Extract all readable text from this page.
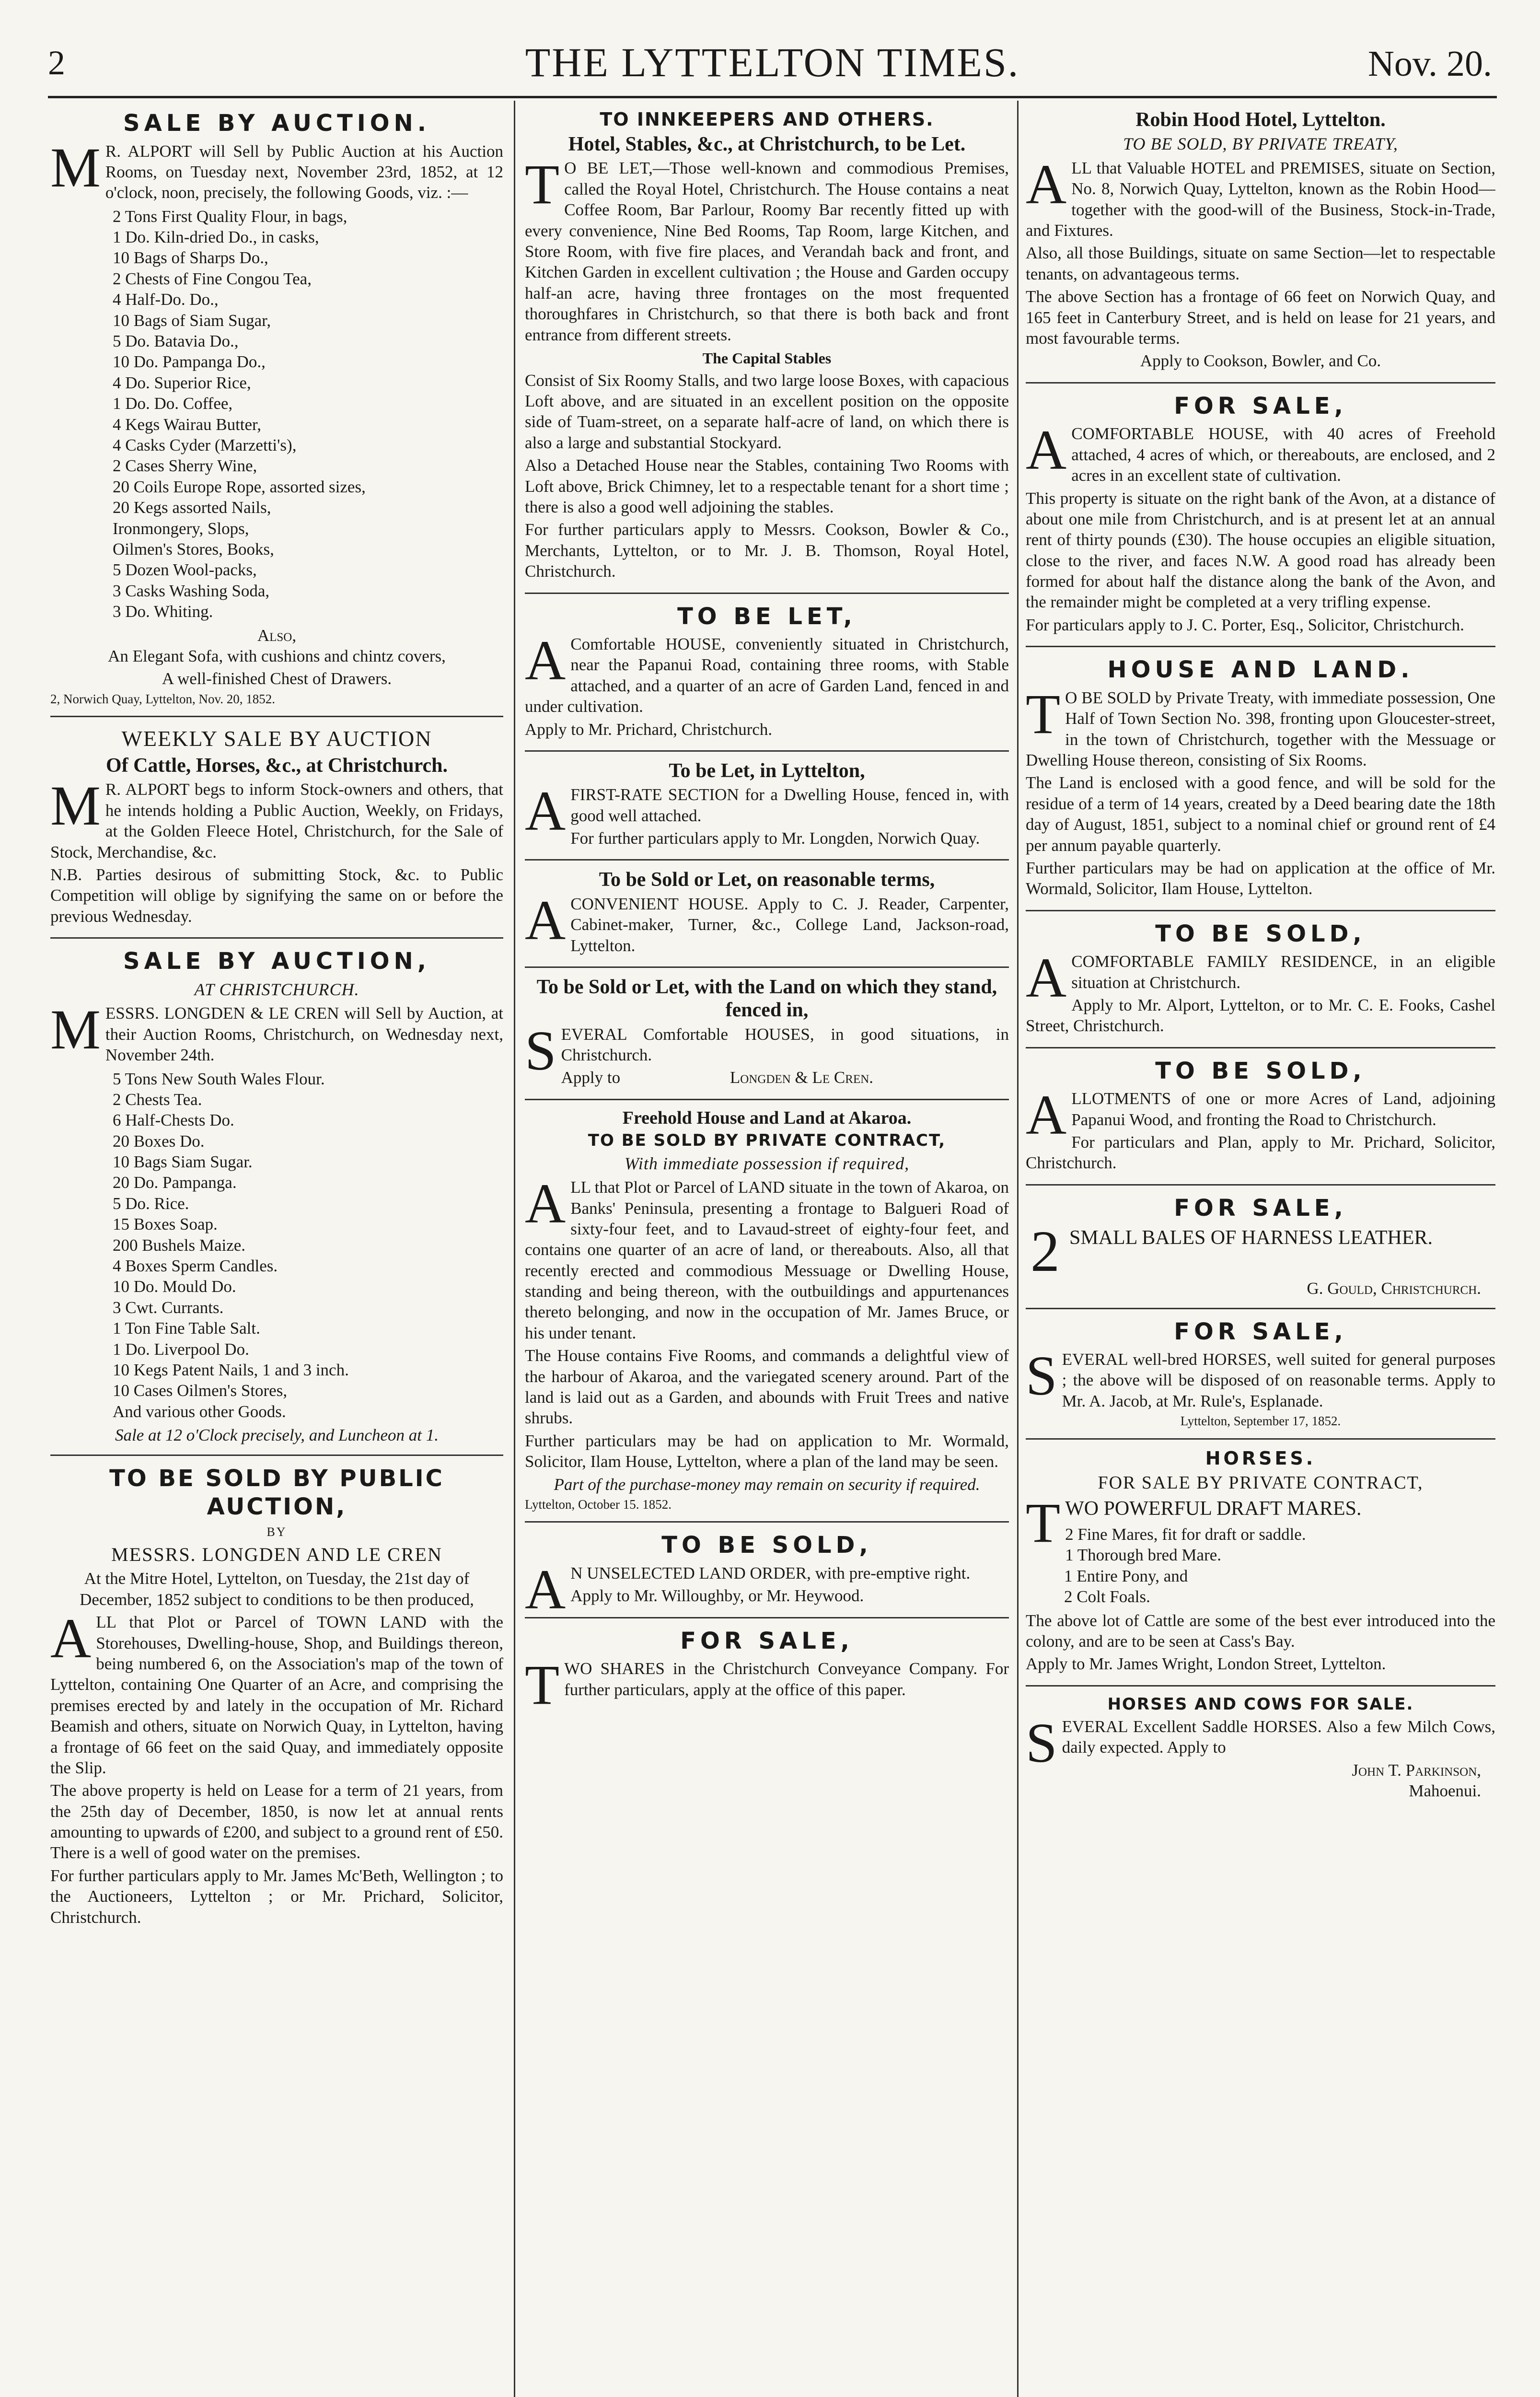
2	THE LYTTELTON TIMES.	Nov. 20.
SALE BY AUCTION.

MR. ALPORT will Sell by Public Auction at his Auction Rooms, on Tuesday next, November 23rd, 1852, at 12 o'clock, noon, precisely, the following Goods, viz. :—

2 Tons First Quality Flour, in bags,
1 Do. Kiln-dried Do., in casks,
10 Bags of Sharps Do.,
2 Chests of Fine Congou Tea,
4 Half-Do. Do.,
10 Bags of Siam Sugar,
5 Do. Batavia Do.,
10 Do. Pampanga Do.,
4 Do. Superior Rice,
1 Do. Do. Coffee,
4 Kegs Wairau Butter,
4 Casks Cyder (Marzetti's),
2 Cases Sherry Wine,
20 Coils Europe Rope, assorted sizes,
20 Kegs assorted Nails,
Ironmongery, Slops,
Oilmen's Stores, Books,
5 Dozen Wool-packs,
3 Casks Washing Soda,
3 Do. Whiting.
Also,

An Elegant Sofa, with cushions and chintz covers,

A well-finished Chest of Drawers.

2, Norwich Quay, Lyttelton, Nov. 20, 1852.
WEEKLY SALE BY AUCTION
Of Cattle, Horses, &c., at Christchurch.

MR. ALPORT begs to inform Stock-owners and others, that he intends holding a Public Auction, Weekly, on Fridays, at the Golden Fleece Hotel, Christchurch, for the Sale of Stock, Merchandise, &c.

N.B. Parties desirous of submitting Stock, &c. to Public Competition will oblige by signifying the same on or before the previous Wednesday.

SALE BY AUCTION,
AT CHRISTCHURCH.

MESSRS. LONGDEN & LE CREN will Sell by Auction, at their Auction Rooms, Christchurch, on Wednesday next, November 24th.

5 Tons New South Wales Flour.
2 Chests Tea.
6 Half-Chests Do.
20 Boxes Do.
10 Bags Siam Sugar.
20 Do. Pampanga.
5 Do. Rice.
15 Boxes Soap.
200 Bushels Maize.
4 Boxes Sperm Candles.
10 Do. Mould Do.
3 Cwt. Currants.
1 Ton Fine Table Salt.
1 Do. Liverpool Do.
10 Kegs Patent Nails, 1 and 3 inch.
10 Cases Oilmen's Stores,
And various other Goods.
Sale at 12 o'Clock precisely, and Luncheon at 1.
TO BE SOLD BY PUBLIC AUCTION,
BY
MESSRS. LONGDEN AND LE CREN

At the Mitre Hotel, Lyttelton, on Tuesday, the 21st day of December, 1852 subject to conditions to be then produced,

ALL that Plot or Parcel of TOWN LAND with the Storehouses, Dwelling-house, Shop, and Buildings thereon, being numbered 6, on the Association's map of the town of Lyttelton, containing One Quarter of an Acre, and comprising the premises erected by and lately in the occupation of Mr. Richard Beamish and others, situate on Norwich Quay, in Lyttelton, having a frontage of 66 feet on the said Quay, and immediately opposite the Slip.

The above property is held on Lease for a term of 21 years, from the 25th day of December, 1850, is now let at annual rents amounting to upwards of £200, and subject to a ground rent of £50. There is a well of good water on the premises.

For further particulars apply to Mr. James Mc'Beth, Wellington ; to the Auctioneers, Lyttelton ; or Mr. Prichard, Solicitor, Christchurch.

TO INNKEEPERS AND OTHERS.
Hotel, Stables, &c., at Christchurch, to be Let.

TO BE LET,—Those well-known and commodious Premises, called the Royal Hotel, Christchurch. The House contains a neat Coffee Room, Bar Parlour, Roomy Bar recently fitted up with every convenience, Nine Bed Rooms, Tap Room, large Kitchen, and Store Room, with five fire places, and Verandah back and front, and Kitchen Garden in excellent cultivation ; the House and Garden occupy half-an acre, having three frontages on the most frequented thoroughfares in Christchurch, so that there is both back and front entrance from different streets.

The Capital Stables

Consist of Six Roomy Stalls, and two large loose Boxes, with capacious Loft above, and are situated in an excellent position on the opposite side of Tuam-street, on a separate half-acre of land, on which there is also a large and substantial Stockyard.

Also a Detached House near the Stables, containing Two Rooms with Loft above, Brick Chimney, let to a respectable tenant for a short time ; there is also a good well adjoining the stables.

For further particulars apply to Messrs. Cookson, Bowler & Co., Merchants, Lyttelton, or to Mr. J. B. Thomson, Royal Hotel, Christchurch.

TO BE LET,

AComfortable HOUSE, conveniently situated in Christchurch, near the Papanui Road, containing three rooms, with Stable attached, and a quarter of an acre of Garden Land, fenced in and under cultivation.

Apply to Mr. Prichard, Christchurch.

To be Let, in Lyttelton,

AFIRST-RATE SECTION for a Dwelling House, fenced in, with good well attached.

For further particulars apply to Mr. Longden, Norwich Quay.

To be Sold or Let, on reasonable terms,

ACONVENIENT HOUSE. Apply to C. J. Reader, Carpenter, Cabinet-maker, Turner, &c., College Land, Jackson-road, Lyttelton.

To be Sold or Let, with the Land on which they stand, fenced in,

SEVERAL Comfortable HOUSES, in good situations, in Christchurch.

Apply to	Longden & Le Cren.

Freehold House and Land at Akaroa.
TO BE SOLD BY PRIVATE CONTRACT,
With immediate possession if required,

ALL that Plot or Parcel of LAND situate in the town of Akaroa, on Banks' Peninsula, presenting a frontage to Balgueri Road of sixty-four feet, and to Lavaud-street of eighty-four feet, and contains one quarter of an acre of land, or thereabouts. Also, all that recently erected and commodious Messuage or Dwelling House, standing and being thereon, with the outbuildings and appurtenances thereto belonging, and now in the occupation of Mr. James Bruce, or his under tenant.

The House contains Five Rooms, and commands a delightful view of the harbour of Akaroa, and the variegated scenery around. Part of the land is laid out as a Garden, and abounds with Fruit Trees and native shrubs.

Further particulars may be had on application to Mr. Wormald, Solicitor, Ilam House, Lyttelton, where a plan of the land may be seen.

Part of the purchase-money may remain on security if required.

Lyttelton, October 15. 1852.
TO BE SOLD,

AN UNSELECTED LAND ORDER, with pre-emptive right.

Apply to Mr. Willoughby, or Mr. Heywood.

FOR SALE,

TWO SHARES in the Christchurch Conveyance Company. For further particulars, apply at the office of this paper.

Robin Hood Hotel, Lyttelton.
TO BE SOLD, BY PRIVATE TREATY,

ALL that Valuable HOTEL and PREMISES, situate on Section, No. 8, Norwich Quay, Lyttelton, known as the Robin Hood—together with the good-will of the Business, Stock-in-Trade, and Fixtures.

Also, all those Buildings, situate on same Section—let to respectable tenants, on advantageous terms.

The above Section has a frontage of 66 feet on Norwich Quay, and 165 feet in Canterbury Street, and is held on lease for 21 years, and most favourable terms.

Apply to Cookson, Bowler, and Co.

FOR SALE,

ACOMFORTABLE HOUSE, with 40 acres of Freehold attached, 4 acres of which, or thereabouts, are enclosed, and 2 acres in an excellent state of cultivation.

This property is situate on the right bank of the Avon, at a distance of about one mile from Christchurch, and is at present let at an annual rent of thirty pounds (£30). The house occupies an eligible situation, close to the river, and faces N.W. A good road has already been formed for about half the distance along the bank of the Avon, and the remainder might be completed at a very trifling expense.

For particulars apply to J. C. Porter, Esq., Solicitor, Christchurch.

HOUSE AND LAND.

TO BE SOLD by Private Treaty, with immediate possession, One Half of Town Section No. 398, fronting upon Gloucester-street, in the town of Christchurch, together with the Messuage or Dwelling House thereon, consisting of Six Rooms.

The Land is enclosed with a good fence, and will be sold for the residue of a term of 14 years, created by a Deed bearing date the 18th day of August, 1851, subject to a nominal chief or ground rent of £4 per annum payable quarterly.

Further particulars may be had on application at the office of Mr. Wormald, Solicitor, Ilam House, Lyttelton.

TO BE SOLD,

ACOMFORTABLE FAMILY RESIDENCE, in an eligible situation at Christchurch.

Apply to Mr. Alport, Lyttelton, or to Mr. C. E. Fooks, Cashel Street, Christchurch.

TO BE SOLD,

ALLOTMENTS of one or more Acres of Land, adjoining Papanui Wood, and fronting the Road to Christchurch.

For particulars and Plan, apply to Mr. Prichard, Solicitor, Christchurch.

FOR SALE,
2 SMALL BALES OF HARNESS LEATHER.

G. Gould, Christchurch.
FOR SALE,

SEVERAL well-bred HORSES, well suited for general purposes ; the above will be disposed of on reasonable terms. Apply to Mr. A. Jacob, at Mr. Rule's, Esplanade.

Lyttelton, September 17, 1852.
HORSES.
FOR SALE BY PRIVATE CONTRACT,

TWO POWERFUL DRAFT MARES.

2 Fine Mares, fit for draft or saddle.
1 Thorough bred Mare.
1 Entire Pony, and
2 Colt Foals.

The above lot of Cattle are some of the best ever introduced into the colony, and are to be seen at Cass's Bay.

Apply to Mr. James Wright, London Street, Lyttelton.

HORSES AND COWS FOR SALE.

SEVERAL Excellent Saddle HORSES. Also a few Milch Cows, daily expected. Apply to

John T. Parkinson,
Mahoenui.
